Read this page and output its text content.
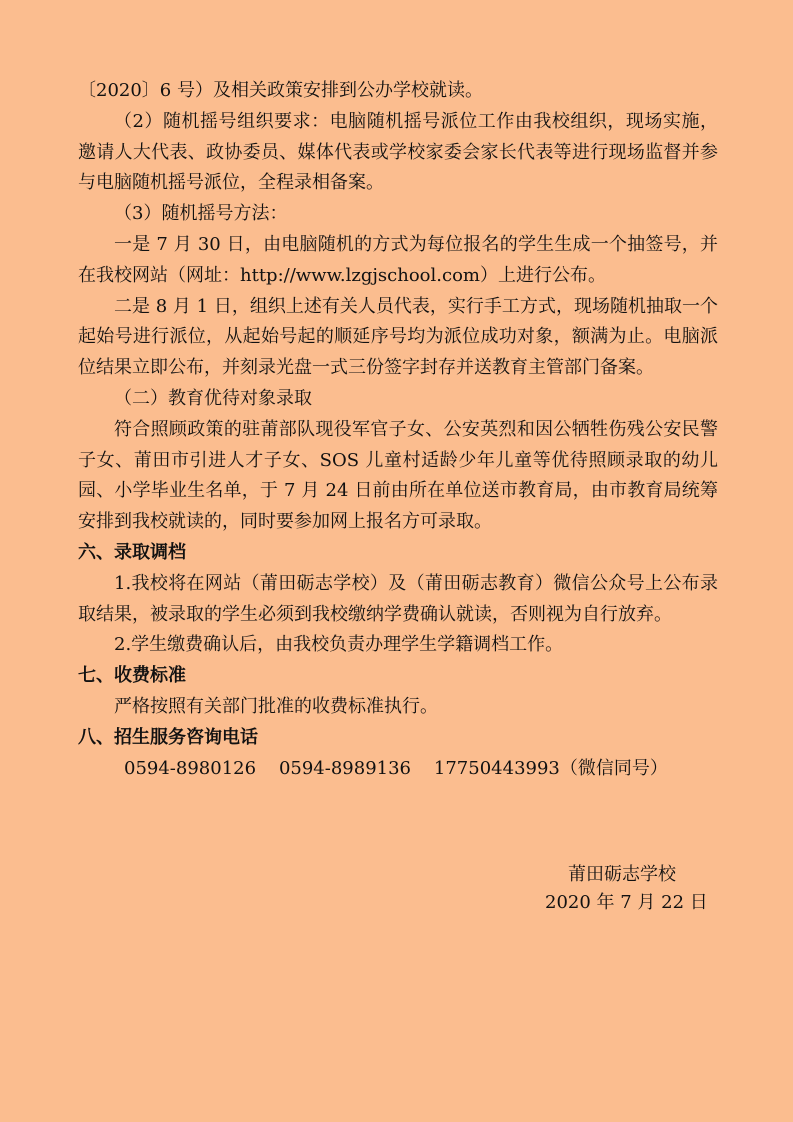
〔2020〕6 号）及相关政策安排到公办学校就读。

（2）随机摇号组织要求：电脑随机摇号派位工作由我校组织，现场实施，邀请人大代表、政协委员、媒体代表或学校家委会家长代表等进行现场监督并参与电脑随机摇号派位，全程录相备案。

（3）随机摇号方法：

一是 7 月 30 日，由电脑随机的方式为每位报名的学生生成一个抽签号，并在我校网站（网址：http://www.lzgjschool.com）上进行公布。

二是 8 月 1 日，组织上述有关人员代表，实行手工方式，现场随机抽取一个起始号进行派位，从起始号起的顺延序号均为派位成功对象，额满为止。电脑派位结果立即公布，并刻录光盘一式三份签字封存并送教育主管部门备案。

（二）教育优待对象录取

符合照顾政策的驻莆部队现役军官子女、公安英烈和因公牺牲伤残公安民警子女、莆田市引进人才子女、SOS 儿童村适龄少年儿童等优待照顾录取的幼儿园、小学毕业生名单，于 7 月 24 日前由所在单位送市教育局，由市教育局统筹安排到我校就读的，同时要参加网上报名方可录取。

六、录取调档

1.我校将在网站（莆田砺志学校）及（莆田砺志教育）微信公众号上公布录取结果，被录取的学生必须到我校缴纳学费确认就读，否则视为自行放弃。

2.学生缴费确认后，由我校负责办理学生学籍调档工作。

七、收费标准

严格按照有关部门批准的收费标准执行。

八、招生服务咨询电话

0594-8980126 0594-8989136 17750443993（微信同号）

莆田砺志学校
2020 年 7 月 22 日
